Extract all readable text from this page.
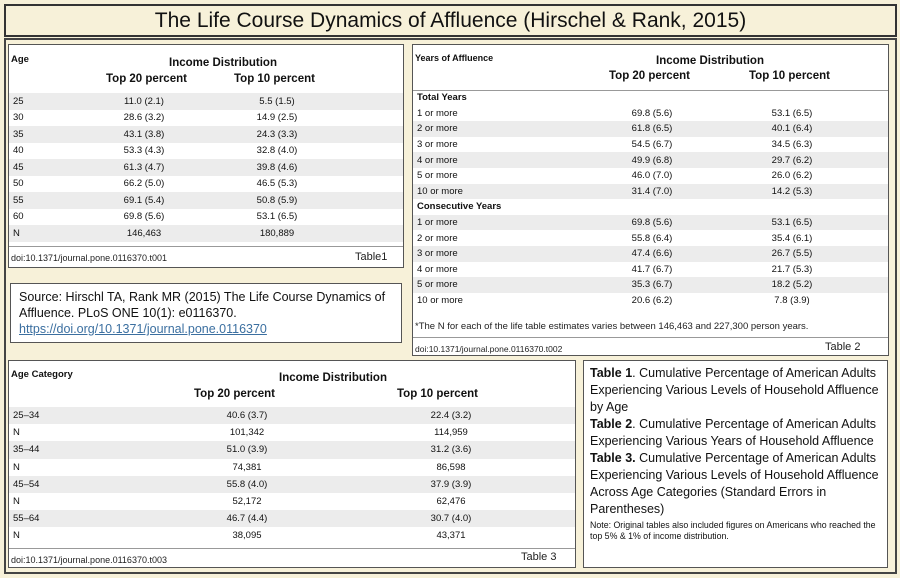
The Life Course Dynamics of Affluence (Hirschel & Rank, 2015)
Age	Income Distribution
Top 20 percent	Top 10 percent
25	11.0 (2.1)	5.5 (1.5)
30	28.6 (3.2)	14.9 (2.5)
35	43.1 (3.8)	24.3 (3.3)
40	53.3 (4.3)	32.8 (4.0)
45	61.3 (4.7)	39.8 (4.6)
50	66.2 (5.0)	46.5 (5.3)
55	69.1 (5.4)	50.8 (5.9)
60	69.8 (5.6)	53.1 (6.5)
N	146,463	180,889
doi:10.1371/journal.pone.0116370.t001	Table1
Source: Hirschl TA, Rank MR (2015) The Life Course Dynamics of Affluence. PLoS ONE 10(1): e0116370.
https://doi.org/10.1371/journal.pone.0116370
Years of Affluence	Income Distribution
Top 20 percent	Top 10 percent
Total Years
1 or more	69.8 (5.6)	53.1 (6.5)
2 or more	61.8 (6.5)	40.1 (6.4)
3 or more	54.5 (6.7)	34.5 (6.3)
4 or more	49.9 (6.8)	29.7 (6.2)
5 or more	46.0 (7.0)	26.0 (6.2)
10 or more	31.4 (7.0)	14.2 (5.3)
Consecutive Years
1 or more	69.8 (5.6)	53.1 (6.5)
2 or more	55.8 (6.4)	35.4 (6.1)
3 or more	47.4 (6.6)	26.7 (5.5)
4 or more	41.7 (6.7)	21.7 (5.3)
5 or more	35.3 (6.7)	18.2 (5.2)
10 or more	20.6 (6.2)	7.8 (3.9)
*The N for each of the life table estimates varies between 146,463 and 227,300 person years.
doi:10.1371/journal.pone.0116370.t002	Table 2
Age Category	Income Distribution
Top 20 percent	Top 10 percent
25–34	40.6 (3.7)	22.4 (3.2)
N	101,342	114,959
35–44	51.0 (3.9)	31.2 (3.6)
N	74,381	86,598
45–54	55.8 (4.0)	37.9 (3.9)
N	52,172	62,476
55–64	46.7 (4.4)	30.7 (4.0)
N	38,095	43,371
doi:10.1371/journal.pone.0116370.t003	Table 3
Table 1. Cumulative Percentage of American Adults Experiencing Various Levels of Household Affluence by Age
Table 2. Cumulative Percentage of American Adults Experiencing Various Years of Household Affluence
Table 3. Cumulative Percentage of American Adults Experiencing Various Levels of Household Affluence Across Age Categories (Standard Errors in Parentheses)
Note: Original tables also included figures on Americans who reached the top 5% & 1% of income distribution.
